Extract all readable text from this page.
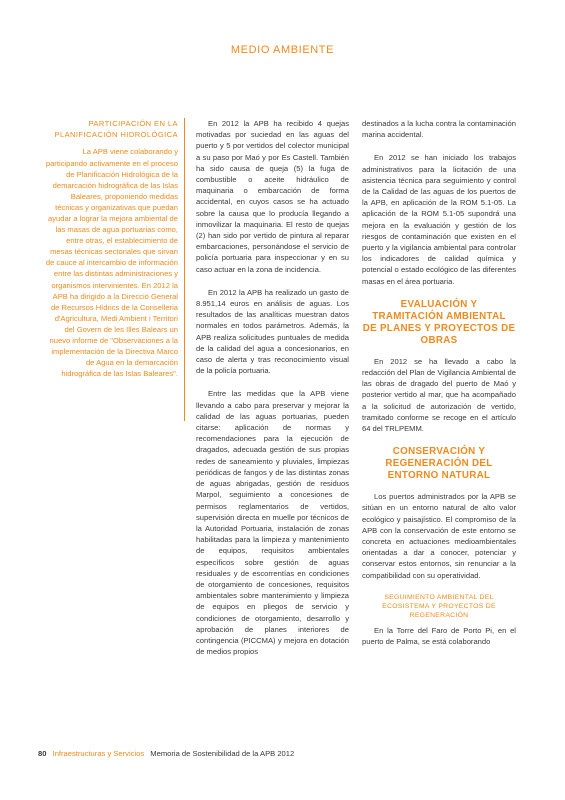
MEDIO AMBIENTE
PARTICIPACIÓN EN LA
PLANIFICACIÓN HIDROLÓGICA
La APB viene colaborando y participando activamente en el proceso de Planificación Hidrológica de la demarcación hidrográfica de las Islas Baleares, proponiendo medidas técnicas y organizativas que puedan ayudar a lograr la mejora ambiental de las masas de agua portuarias como, entre otras, el establecimiento de mesas técnicas sectoriales que sirvan de cauce al intercambio de información entre las distintas administraciones y organismos intervinientes. En 2012 la APB ha dirigido a la Direcció General de Recursos Hídrics de la Conselleria d'Agricultura, Medi Ambient i Territori del Govern de les Illes Balears un nuevo informe de "Observaciones a la implementación de la Directiva Marco de Agua en la demarcación hidrográfica de las Islas Baleares".

En 2012 la APB ha recibido 4 quejas motivadas por suciedad en las aguas del puerto y 5 por vertidos del colector municipal a su paso por Maó y por Es Castell. También ha sido causa de queja (5) la fuga de combustible o aceite hidráulico de maquinaria o embarcación de forma accidental, en cuyos casos se ha actuado sobre la causa que lo producía llegando a inmovilizar la maquinaria. El resto de quejas (2) han sido por vertido de pintura al reparar embarcaciones, personándose el servicio de policía portuaria para inspeccionar y en su caso actuar en la zona de incidencia.

En 2012 la APB ha realizado un gasto de 8.951,14 euros en análisis de aguas. Los resultados de las analíticas muestran datos normales en todos parámetros. Además, la APB realiza solicitudes puntuales de medida de la calidad del agua a concesionarios, en caso de alerta y tras reconocimiento visual de la policía portuaria.

Entre las medidas que la APB viene llevando a cabo para preservar y mejorar la calidad de las aguas portuarias, pueden citarse: aplicación de normas y recomendaciones para la ejecución de dragados, adecuada gestión de sus propias redes de saneamiento y pluviales, limpiezas periódicas de fangos y de las distintas zonas de aguas abrigadas, gestión de residuos Marpol, seguimiento a concesiones de permisos reglamentarios de vertidos, supervisión directa en muelle por técnicos de la Autoridad Portuaria, instalación de zonas habilitadas para la limpieza y mantenimiento de equipos, requisitos ambientales específicos sobre gestión de aguas residuales y de escorrentías en condiciones de otorgamiento de concesiones, requisitos ambientales sobre mantenimiento y limpieza de equipos en pliegos de servicio y condiciones de otorgamiento, desarrollo y aprobación de planes interiores de contingencia (PICCMA) y mejora en dotación de medios propios

destinados a la lucha contra la contaminación marina accidental.

En 2012 se han iniciado los trabajos administrativos para la licitación de una asistencia técnica para seguimiento y control de la Calidad de las aguas de los puertos de la APB, en aplicación de la ROM 5.1-05. La aplicación de la ROM 5.1-05 supondrá una mejora en la evaluación y gestión de los riesgos de contaminación que existen en el puerto y la vigilancia ambiental para controlar los indicadores de calidad química y potencial o estado ecológico de las diferentes masas en el área portuaria.

EVALUACIÓN Y
TRAMITACIÓN AMBIENTAL
DE PLANES Y PROYECTOS DE
OBRAS

En 2012 se ha llevado a cabo la redacción del Plan de Vigilancia Ambiental de las obras de dragado del puerto de Maó y posterior vertido al mar, que ha acompañado a la solicitud de autorización de vertido, tramitado conforme se recoge en el artículo 64 del TRLPEMM.

CONSERVACIÓN Y
REGENERACIÓN DEL
ENTORNO NATURAL

Los puertos administrados por la APB se sitúan en un entorno natural de alto valor ecológico y paisajístico. El compromiso de la APB con la conservación de este entorno se concreta en actuaciones medioambientales orientadas a dar a conocer, potenciar y conservar estos entornos, sin renunciar a la compatibilidad con su operatividad.

SEGUIMIENTO AMBIENTAL DEL
ECOSISTEMA Y PROYECTOS DE
REGENERACIÓN

En la Torre del Faro de Porto Pi, en el puerto de Palma, se está colaborando

80 Infraestructuras y Servicios Memoria de Sostenibilidad de la APB 2012
